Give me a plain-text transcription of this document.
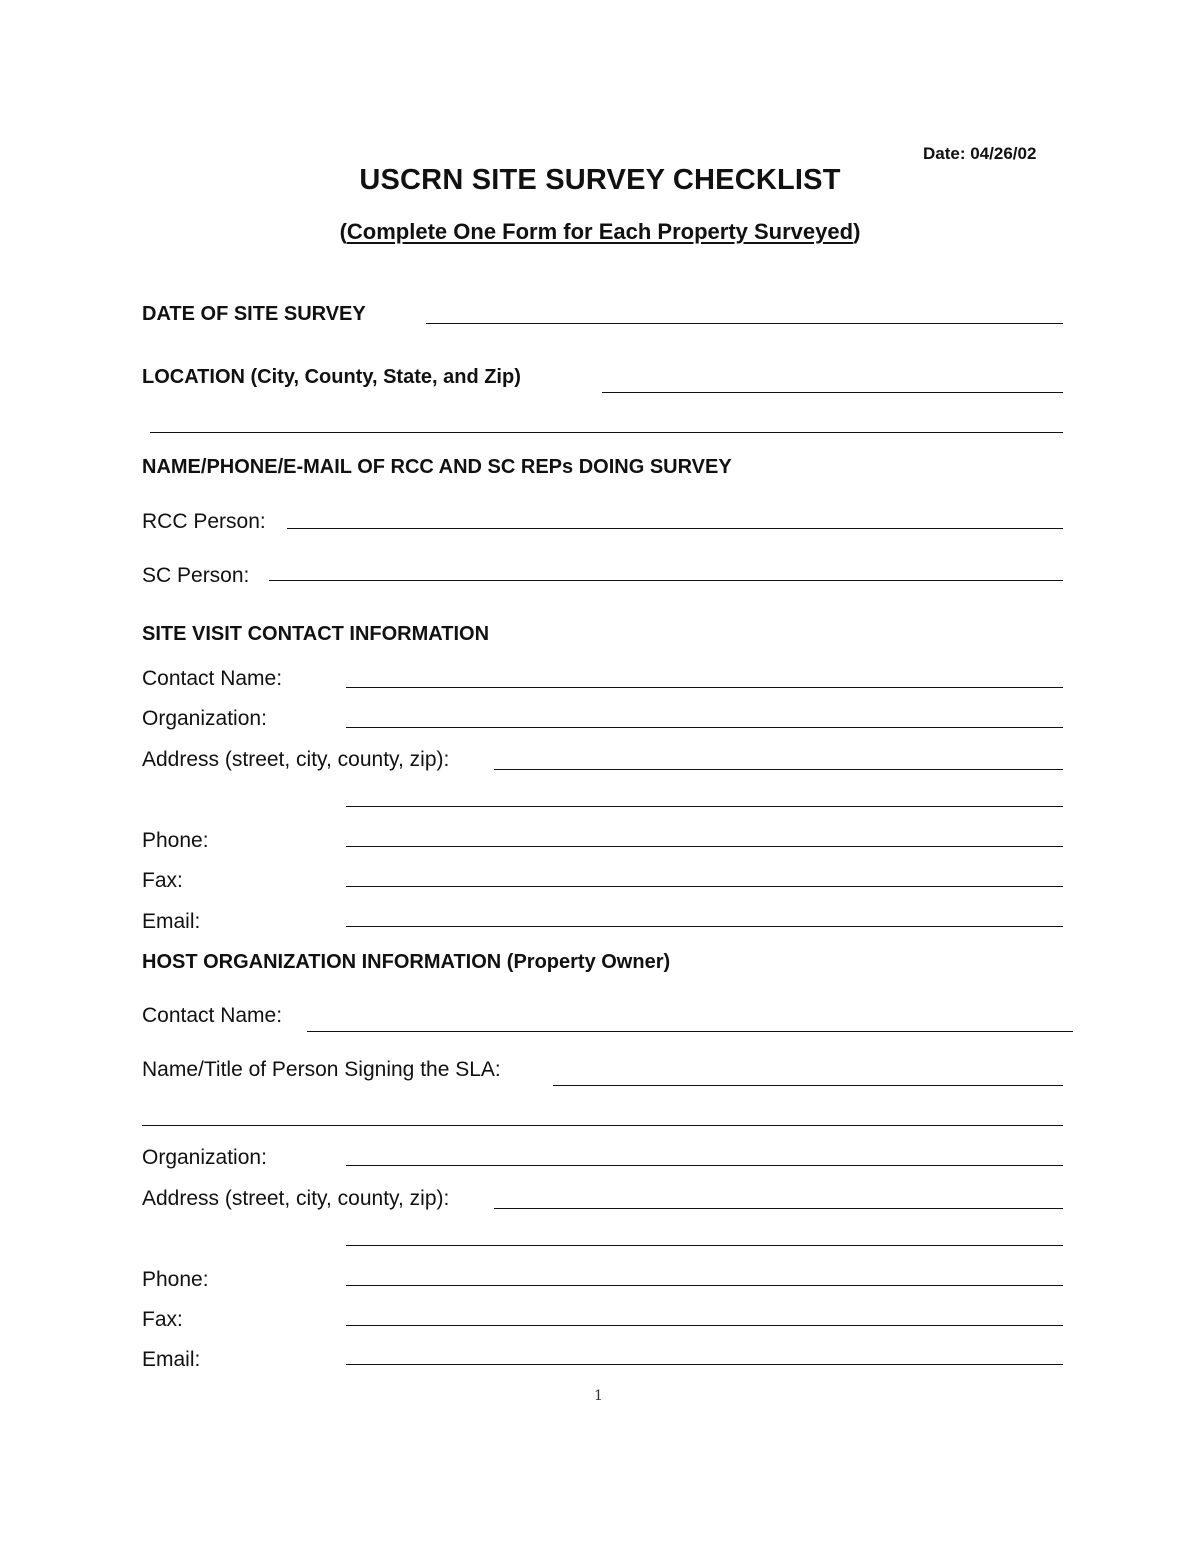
Date: 04/26/02
USCRN SITE SURVEY CHECKLIST
(Complete One Form for Each Property Surveyed)
DATE OF SITE SURVEY
LOCATION (City, County, State, and Zip)
NAME/PHONE/E-MAIL OF RCC AND SC REPs DOING SURVEY
RCC Person:
SC Person:
SITE VISIT CONTACT INFORMATION
Contact Name:
Organization:
Address (street, city, county, zip):
Phone:
Fax:
Email:
HOST ORGANIZATION INFORMATION (Property Owner)
Contact Name:
Name/Title of Person Signing the SLA:
Organization:
Address (street, city, county, zip):
Phone:
Fax:
Email:
1
